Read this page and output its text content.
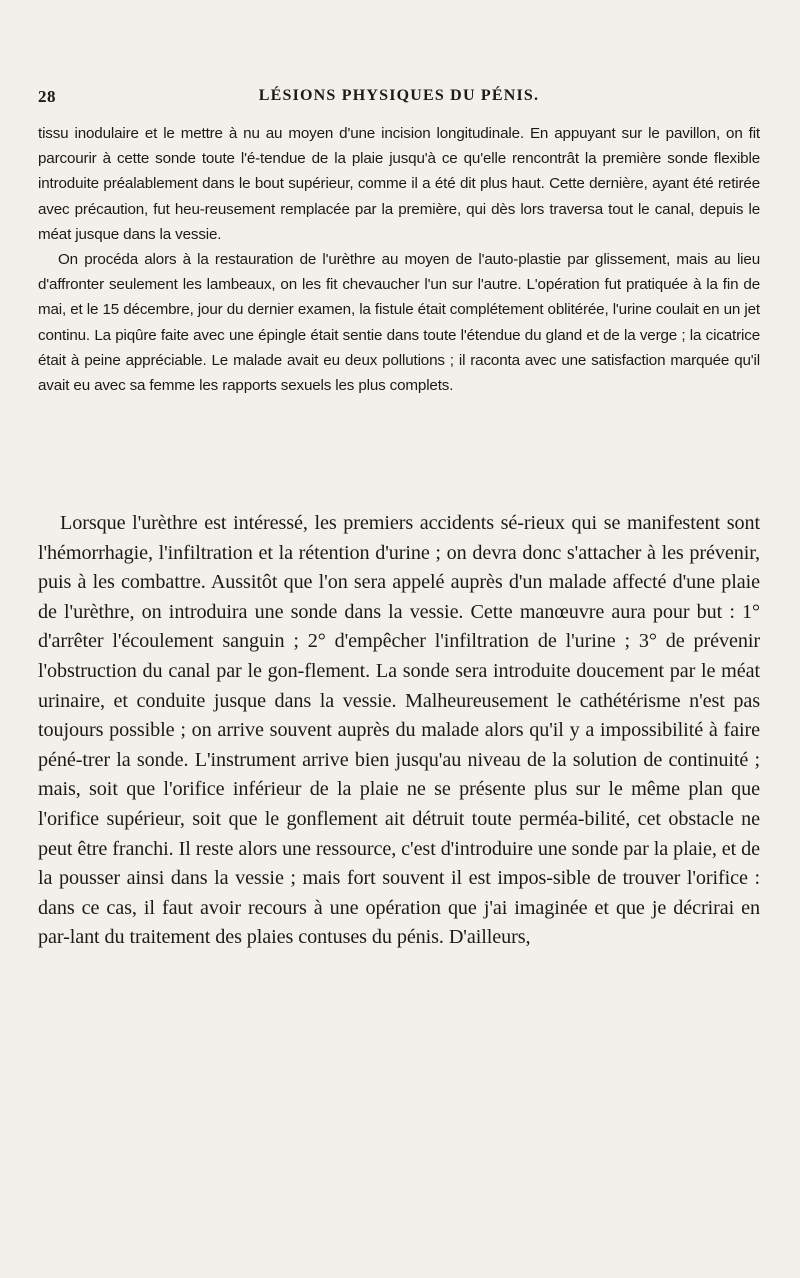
28	LÉSIONS PHYSIQUES DU PÉNIS.

tissu inodulaire et le mettre à nu au moyen d'une incision longitudinale. En appuyant sur le pavillon, on fit parcourir à cette sonde toute l'é-tendue de la plaie jusqu'à ce qu'elle rencontrât la première sonde flexible introduite préalablement dans le bout supérieur, comme il a été dit plus haut. Cette dernière, ayant été retirée avec précaution, fut heu-reusement remplacée par la première, qui dès lors traversa tout le canal, depuis le méat jusque dans la vessie.

On procéda alors à la restauration de l'urèthre au moyen de l'auto-plastie par glissement, mais au lieu d'affronter seulement les lambeaux, on les fit chevaucher l'un sur l'autre. L'opération fut pratiquée à la fin de mai, et le 15 décembre, jour du dernier examen, la fistule était complétement oblitérée, l'urine coulait en un jet continu. La piqûre faite avec une épingle était sentie dans toute l'étendue du gland et de la verge ; la cicatrice était à peine appréciable. Le malade avait eu deux pollutions ; il raconta avec une satisfaction marquée qu'il avait eu avec sa femme les rapports sexuels les plus complets.

Lorsque l'urèthre est intéressé, les premiers accidents sé-rieux qui se manifestent sont l'hémorrhagie, l'infiltration et la rétention d'urine ; on devra donc s'attacher à les prévenir, puis à les combattre. Aussitôt que l'on sera appelé auprès d'un malade affecté d'une plaie de l'urèthre, on introduira une sonde dans la vessie. Cette manœuvre aura pour but : 1° d'arrêter l'écoulement sanguin ; 2° d'empêcher l'infiltration de l'urine ; 3° de prévenir l'obstruction du canal par le gon-flement. La sonde sera introduite doucement par le méat urinaire, et conduite jusque dans la vessie. Malheureusement le cathétérisme n'est pas toujours possible ; on arrive souvent auprès du malade alors qu'il y a impossibilité à faire péné-trer la sonde. L'instrument arrive bien jusqu'au niveau de la solution de continuité ; mais, soit que l'orifice inférieur de la plaie ne se présente plus sur le même plan que l'orifice supérieur, soit que le gonflement ait détruit toute perméa-bilité, cet obstacle ne peut être franchi. Il reste alors une ressource, c'est d'introduire une sonde par la plaie, et de la pousser ainsi dans la vessie ; mais fort souvent il est impos-sible de trouver l'orifice : dans ce cas, il faut avoir recours à une opération que j'ai imaginée et que je décrirai en par-lant du traitement des plaies contuses du pénis. D'ailleurs,
